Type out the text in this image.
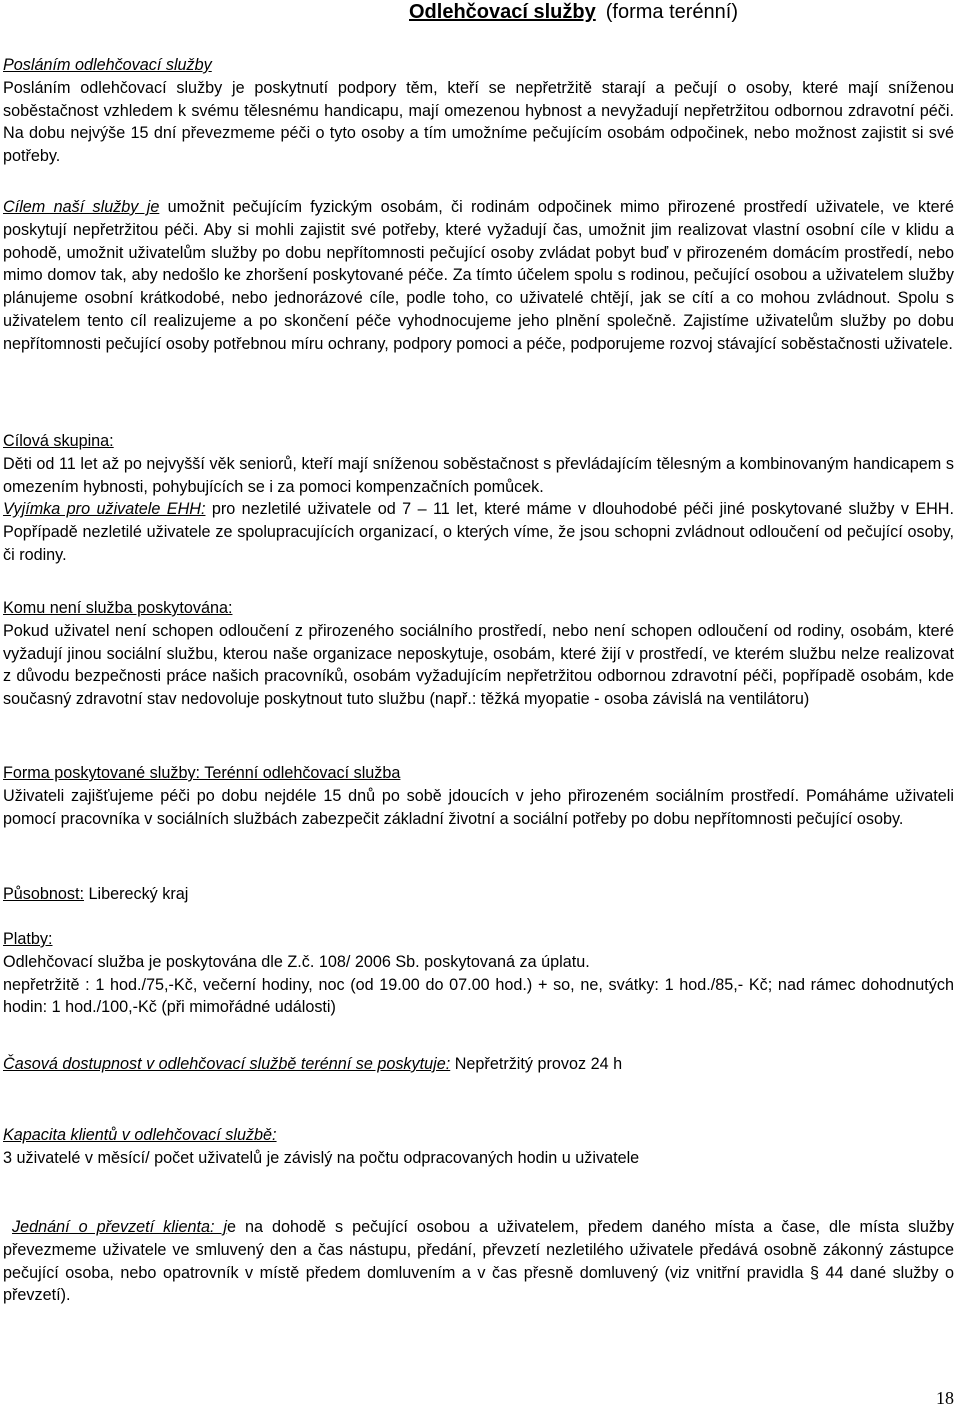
Odlehčovací služby (forma terénní)
Posláním odlehčovací služby

Posláním odlehčovací služby je poskytnutí podpory těm, kteří se nepřetržitě starají a pečují o osoby, které mají sníženou soběstačnost vzhledem k svému tělesnému handicapu, mají omezenou hybnost a nevyžadují nepřetržitou odbornou zdravotní péči. Na dobu nejvýše 15 dní převezmeme péči o tyto osoby a tím umožníme pečujícím osobám odpočinek, nebo možnost zajistit si své potřeby.

Cílem naší služby je umožnit pečujícím fyzickým osobám, či rodinám odpočinek mimo přirozené prostředí uživatele, ve které poskytují nepřetržitou péči. Aby si mohli zajistit své potřeby, které vyžadují čas, umožnit jim realizovat vlastní osobní cíle v klidu a pohodě, umožnit uživatelům služby po dobu nepřítomnosti pečující osoby zvládat pobyt buď v přirozeném domácím prostředí, nebo mimo domov tak, aby nedošlo ke zhoršení poskytované péče. Za tímto účelem spolu s rodinou, pečující osobou a uživatelem služby plánujeme osobní krátkodobé, nebo jednorázové cíle, podle toho, co uživatelé chtějí, jak se cítí a co mohou zvládnout. Spolu s uživatelem tento cíl realizujeme a po skončení péče vyhodnocujeme jeho plnění společně. Zajistíme uživatelům služby po dobu nepřítomnosti pečující osoby potřebnou míru ochrany, podpory pomoci a péče, podporujeme rozvoj stávající soběstačnosti uživatele.

Cílová skupina:

Děti od 11 let až po nejvyšší věk seniorů, kteří mají sníženou soběstačnost s převládajícím tělesným a kombinovaným handicapem s omezením hybnosti, pohybujících se i za pomoci kompenzačních pomůcek.

Vyjímka pro uživatele EHH: pro nezletilé uživatele od 7 – 11 let, které máme v dlouhodobé péči jiné poskytované služby v EHH. Popřípadě nezletilé uživatele ze spolupracujících organizací, o kterých víme, že jsou schopni zvládnout odloučení od pečující osoby, či rodiny.

Komu není služba poskytována:

Pokud uživatel není schopen odloučení z přirozeného sociálního prostředí, nebo není schopen odloučení od rodiny, osobám, které vyžadují jinou sociální službu, kterou naše organizace neposkytuje, osobám, které žijí v prostředí, ve kterém službu nelze realizovat z důvodu bezpečnosti práce našich pracovníků, osobám vyžadujícím nepřetržitou odbornou zdravotní péči, popřípadě osobám, kde současný zdravotní stav nedovoluje poskytnout tuto službu (např.: těžká myopatie - osoba závislá na ventilátoru)

Forma poskytované služby: Terénní odlehčovací služba

Uživateli zajišťujeme péči po dobu nejdéle 15 dnů po sobě jdoucích v jeho přirozeném sociálním prostředí. Pomáháme uživateli pomocí pracovníka v sociálních službách zabezpečit základní životní a sociální potřeby po dobu nepřítomnosti pečující osoby.

Působnost: Liberecký kraj

Platby:

Odlehčovací služba je poskytována dle Z.č. 108/ 2006 Sb. poskytovaná za úplatu.

nepřetržitě : 1 hod./75,-Kč, večerní hodiny, noc (od 19.00 do 07.00 hod.) + so, ne, svátky: 1 hod./85,- Kč; nad rámec dohodnutých hodin: 1 hod./100,-Kč (při mimořádné události)

Časová dostupnost v odlehčovací službě terénní se poskytuje: Nepřetržitý provoz 24 h

Kapacita klientů v odlehčovací službě:

3 uživatelé v měsící/ počet uživatelů je závislý na počtu odpracovaných hodin u uživatele

Jednání o převzetí klienta: je na dohodě s pečující osobou a uživatelem, předem daného místa a čase, dle místa služby převezmeme uživatele ve smluvený den a čas nástupu, předání, převzetí nezletilého uživatele předává osobně zákonný zástupce pečující osoba, nebo opatrovník v místě předem domluvením a v čas přesně domluvený (viz vnitřní pravidla § 44 dané služby o převzetí).

18
